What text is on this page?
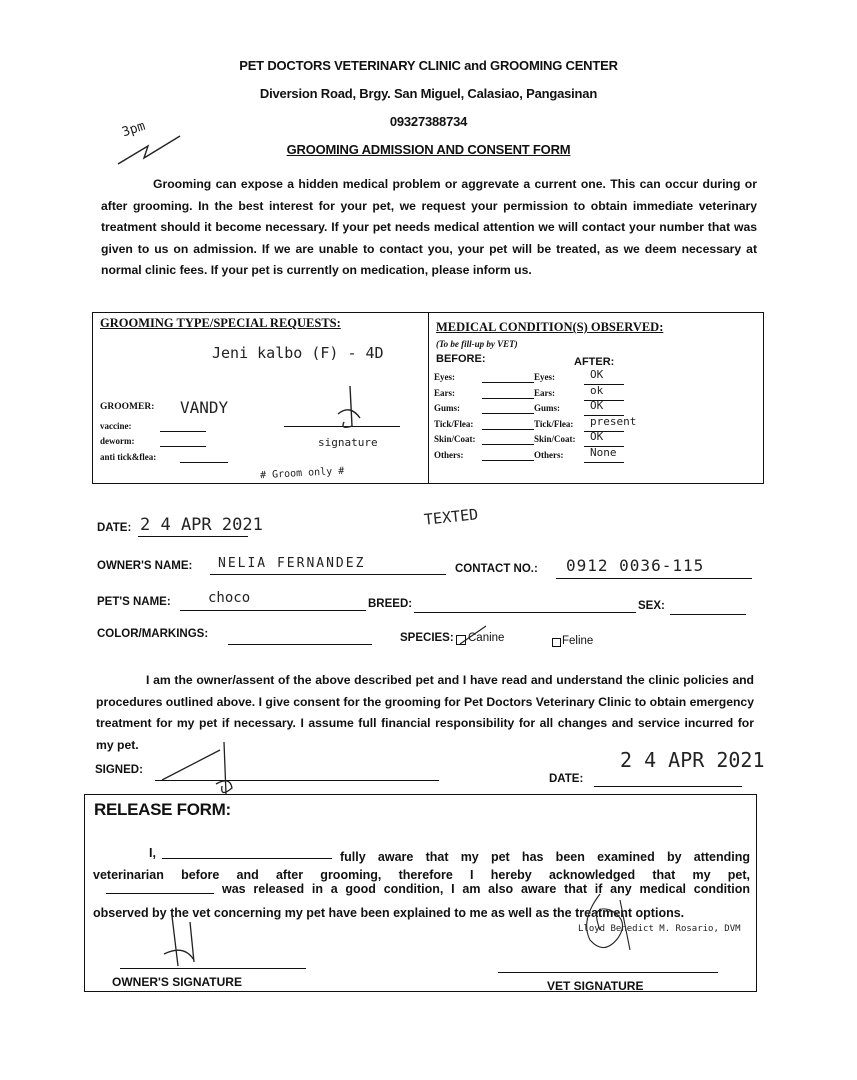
PET DOCTORS VETERINARY CLINIC and GROOMING CENTER
Diversion Road, Brgy. San Miguel, Calasiao, Pangasinan
09327388734
GROOMING ADMISSION AND CONSENT FORM
3pm
Grooming can expose a hidden medical problem or aggrevate a current one. This can occur during or after grooming. In the best interest for your pet, we request your permission to obtain immediate veterinary treatment should it become necessary. If your pet needs medical attention we will contact your number that was given to us on admission. If we are unable to contact you, your pet will be treated, as we deem necessary at normal clinic fees. If your pet is currently on medication, please inform us.
GROOMING TYPE/SPECIAL REQUESTS:
Jeni kalbo (F) - 4D
GROOMER: VANDY
vaccine:
deworm:
anti tick&flea:
signature
# Groom only #
MEDICAL CONDITION(S) OBSERVED:
(To be fill-up by VET)
BEFORE:	AFTER:
Eyes:	Eyes:	OK
Ears:	Ears:	ok
Gums:	Gums:	OK
Tick/Flea:	Tick/Flea: present
Skin/Coat:	Skin/Coat: OK
Others:	Others: None
TEXTED
DATE: 2 4 APR 2021
OWNER'S NAME: NELIA FERNANDEZ	CONTACT NO.: 0912 0036-115
PET'S NAME:	choco	BREED:	SEX:
COLOR/MARKINGS:	SPECIES: Canine	Feline
I am the owner/assent of the above described pet and I have read and understand the clinic policies and procedures outlined above. I give consent for the grooming for Pet Doctors Veterinary Clinic to obtain emergency treatment for my pet if necessary. I assume full financial responsibility for all changes and service incurred for my pet.
SIGNED:
DATE:
2 4 APR 2021
RELEASE FORM:
I,	fully aware that my pet has been examined by attending
veterinarian before and after grooming, therefore I hereby acknowledged that my pet,
was released in a good condition, I am also aware that if any medical condition
observed by the vet concerning my pet have been explained to me as well as the treatment options.
Lloyd Benedict M. Rosario, DVM
OWNER'S SIGNATURE	VET SIGNATURE
